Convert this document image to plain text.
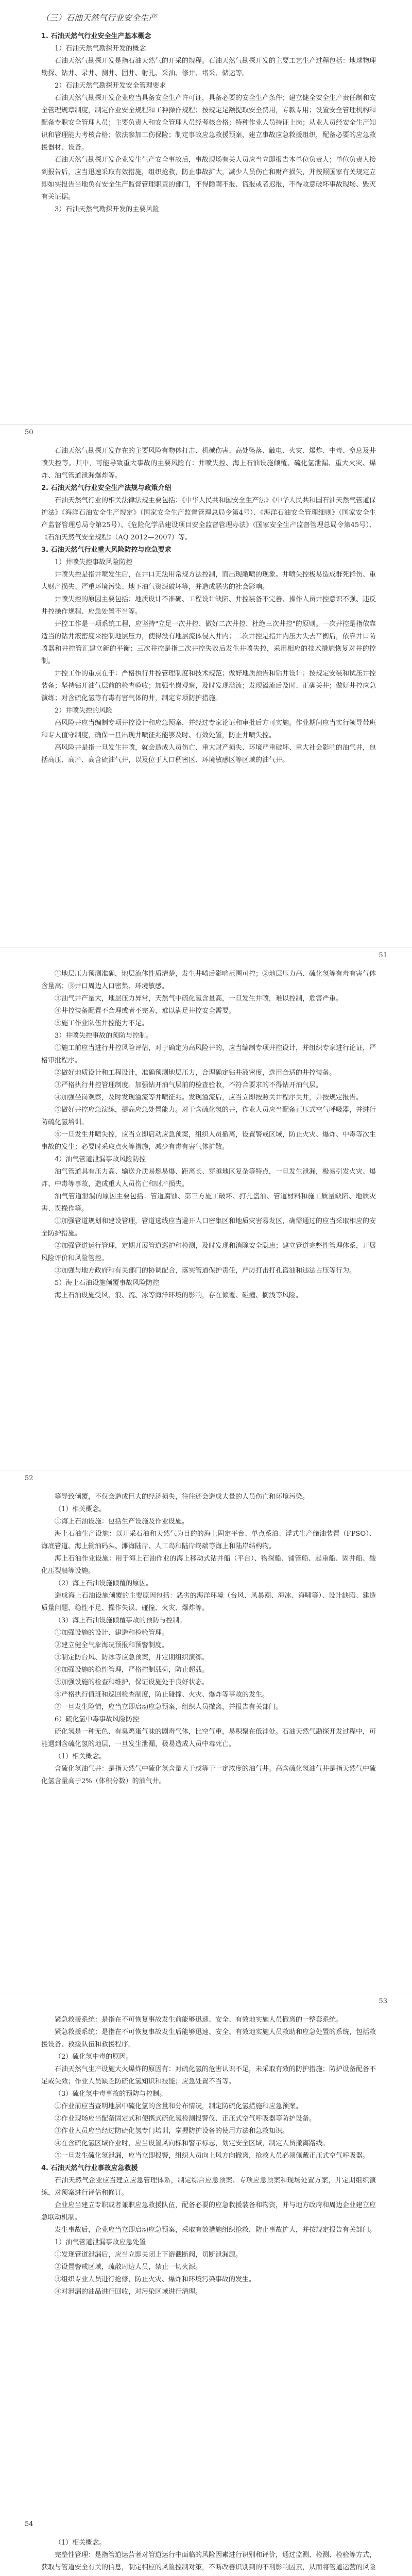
（三）石油天然气行业安全生产
1. 石油天然气行业安全生产基本概念
1）石油天然气勘探开发的概念

石油天然气勘探开发是指石油天然气的开采的规程。石油天然气勘探开发的主要工艺生产过程包括：地球物理勘探、钻井、录井、测井、固井、射孔、采油、修井、堵采、储运等。

2）石油天然气勘探开发安全管理要求

石油天然气勘探开发企业应当具备安全生产许可证，具备必要的安全生产条件；建立健全安全生产责任制和安全管理规章制度，制定作业安全规程和工种操作规程；按规定足额提取安全费用，专款专用；设置安全管理机构和配备专职安全管理人员；主要负责人和安全管理人员经考核合格；特种作业人员持证上岗；从业人员经安全生产知识和管理能力考核合格；依法参加工伤保险；制定事故应急救援预案，建立事故应急救援组织，配备必要的应急救援器材、设备。

石油天然气勘探开发企业发生生产安全事故后，事故现场有关人员应当立即报告本单位负责人；单位负责人接到报告后，应当迅速采取有效措施，组织抢救，防止事故扩大，减少人员伤亡和财产损失，并按照国家有关规定立即如实报告当地负有安全生产监督管理职责的部门，不得隐瞒不报、谎报或者迟报，不得故意破坏事故现场、毁灭有关证据。

3）石油天然气勘探开发的主要风险
50

石油天然气勘探开发存在的主要风险有物体打击、机械伤害、高处坠落、触电、火灾、爆炸、中毒、窒息及井喷失控等。其中，可能导致重大事故的主要风险有：井喷失控、海上石油设施倾覆、硫化氢泄漏、重大火灾、爆炸、油气管道泄漏爆炸等。

2. 石油天然气行业安全生产法规与政策介绍

石油天然气行业的相关法律法规主要包括：《中华人民共和国安全生产法》《中华人民共和国石油天然气管道保护法》《海洋石油安全生产规定》（国家安全生产监督管理总局令第4号）、《海洋石油安全管理细则》（国家安全生产监督管理总局令第25号）、《危险化学品建设项目安全监督管理办法》（国家安全生产监督管理总局令第45号）、《石油天然气安全规程》（AQ 2012—2007）等。

3. 石油天然气行业重大风险防控与应急要求
1）井喷失控事故风险防控

井喷失控是指井喷发生后，在井口无法用常规方法控制，而出现敞喷的现象。井喷失控极易造成群死群伤、重大财产损失、严重环境污染、地下油气资源破坏等，并造成恶劣的社会影响。

井喷失控的原因主要包括：地质设计不准确、工程设计缺陷、井控装备不完善、操作人员井控意识不强、违反井控操作规程、应急处置不当等。

井控工作是一项系统工程，应坚持"立足一次井控、做好二次井控、杜绝三次井控"的原则。一次井控是指依靠适当的钻井液密度来控制地层压力，使得没有地层流体侵入井内；二次井控是指井内压力失去平衡后，依靠井口防喷器和井控管汇建立新的平衡；三次井控是指二次井控失败后发生井喷失控，采用相应的技术措施恢复对井的控制。

井控工作的重点在于：严格执行井控管理制度和技术规范；做好地质预告和钻井设计；按规定安装和试压井控装备；坚持钻开油气层前的检查验收；加强坐岗观察，及时发现溢流；发现溢流后及时、正确关井；做好井控应急演练；对含硫化氢等有毒有害气体的井，制定专项防护措施。

2）井喷失控的风险

高风险井应当编制专项井控设计和应急预案，并经过专家论证和审批后方可实施。作业期间应当实行领导带班和专人值守制度，确保一旦出现井喷征兆能够及时、有效处置，防止井喷失控。

高风险井是指一旦发生井喷，就会造成人员伤亡、重大财产损失、环境严重破坏、重大社会影响的油气井，包括高压、高产、高含硫油气井，以及位于人口稠密区、环境敏感区等区域的油气井。

51

①地层压力预测准确，地层流体性质清楚，发生井喷后影响范围可控；②地层压力高、硫化氢等有毒有害气体含量高；③井口周边人口密集、环境敏感。

③油气井产量大，地层压力异常，天然气中硫化氢含量高，一旦发生井喷，难以控制，危害严重。

④井控装备配置不合理或者不完善，难以满足井控安全需要。

⑤施工作业队伍井控能力不足。

3）井喷失控事故的预防与控制。

①施工前应当进行井控风险评估，对于确定为高风险井的，应当编制专项井控设计，并组织专家进行论证，严格审批程序。

②做好地质设计和工程设计，准确预测地层压力，合理确定钻井液密度，选用合适的井控装备。

③严格执行井控管理制度。加强钻开油气层前的检查验收，不符合要求的不得钻开油气层。

④加强坐岗观察，及时发现溢流等井喷征兆。发现溢流后，应当立即按照关井程序关井，并按规定报告。

⑤做好井控应急演练，提高应急处置能力。对于含硫化氢的井，作业人员应当配备正压式空气呼吸器，并进行防硫化氢培训。

⑥一旦发生井喷失控，应当立即启动应急预案，组织人员撤离，设置警戒区域，防止火灾、爆炸、中毒等次生事故的发生；必要时采取点火等措施，减少有毒有害气体扩散。

4）油气管道泄漏事故风险防控

油气管道具有压力高、输送介质易燃易爆、距离长、穿越地区复杂等特点，一旦发生泄漏，极易引发火灾、爆炸、中毒等事故，造成重大人员伤亡和财产损失。

油气管道泄漏的原因主要包括：管道腐蚀、第三方施工破坏、打孔盗油、管道材料和施工质量缺陷、地质灾害、误操作等。

①加强管道规划和建设管理，管道选线应当避开人口密集区和地质灾害易发区，确需通过的应当采取相应的安全防护措施。

②加强管道运行管理，定期开展管道巡护和检测，及时发现和消除安全隐患；建立管道完整性管理体系，开展风险评价和风险管控。

③加强与地方政府和有关部门的协调配合，落实管道保护责任，严厉打击打孔盗油和违法占压等行为。

5）海上石油设施倾覆事故风险防控

海上石油设施受风、浪、流、冰等海洋环境的影响，存在倾覆、碰撞、搁浅等风险。

52

等导致倾覆，不仅会造成巨大的经济损失，往往还会造成大量的人员伤亡和环境污染。

（1）相关概念。

①海上石油设施：包括生产设施及作业设施。

海上石油生产设施：以开采石油和天然气为目的的海上固定平台、单点系泊、浮式生产储油装置（FPSO）、海底管道、海上输油码头、滩海陆岸、人工岛和陆岸终端等海上和陆岸结构物。

海上石油作业设施：用于海上石油作业的海上移动式钻井船（平台）、物探船、铺管船、起重船、固井船、酸化压裂船等设施。

（2）海上石油设施倾覆的原因。

造成海上石油设施倾覆的主要原因包括：恶劣的海洋环境（台风、风暴潮、海冰、海啸等）、设计缺陷、建造质量问题、稳性不足、操作失误、碰撞、火灾、爆炸等。

（3）海上石油设施倾覆事故的预防与控制。

①加强设施的设计、建造和检验管理。

②建立健全气象海况预报和预警制度。

③制定防台风、防冰等应急预案，并定期组织演练。

④加强设施的稳性管理，严格控制载荷，防止超载。

⑤加强设施的检查和维护，保证设施处于良好状态。

⑥严格执行值班和巡回检查制度，防止碰撞、火灾、爆炸等事故的发生。

⑦一旦发生险情，应当立即启动应急预案，组织人员撤离，并报告有关部门。

6）硫化氢中毒事故风险防控

硫化氢是一种无色、有臭鸡蛋气味的剧毒气体，比空气重，易积聚在低洼处。石油天然气勘探开发过程中，可能遇到含硫化氢的地层，一旦发生泄漏，极易造成人员中毒死亡。

（1）相关概念。

含硫化氢油气井：是指天然气中硫化氢含量大于或等于一定浓度的油气井。高含硫化氢油气井是指天然气中硫化氢含量高于2%（体积分数）的油气井。

53

紧急救援系统：是指在不可恢复事故发生前能够迅速、安全、有效地实施人员撤离的一整套系统。

紧急救援系统：是指在不可恢复事故发生后能够迅速、安全、有效地实施人员救助和应急处置的系统，包括救援设备、救援队伍和救援程序。

（2）硫化氢中毒的原因。

石油天然气生产设施大火爆炸的原因有：对硫化氢的危害认识不足，未采取有效的防护措施；防护设备配备不足或失效；作业人员缺乏防硫化氢知识和技能；应急处置不当等。

（3）硫化氢中毒事故的预防与控制。

①作业前应当查明地层中硫化氢的含量和分布情况，制定防硫化氢措施和应急预案。

②作业现场应当配备固定式和便携式硫化氢检测报警仪、正压式空气呼吸器等防护设备。

③作业人员应当经过防硫化氢专门培训，掌握防护设备的使用方法和急救知识。

④在含硫化氢区域作业时，应当设置风向标和警示标志，划定安全区域，制定人员撤离路线。

⑤一旦发生硫化氢泄漏，应当立即报警，组织人员向上风方向撤离，抢救人员必须佩戴正压式空气呼吸器。

4. 石油天然气行业事故应急救援

石油天然气企业应当建立应急管理体系，制定综合应急预案、专项应急预案和现场处置方案，并定期组织演练，对预案进行评估和修订。

企业应当建立专职或者兼职应急救援队伍，配备必要的应急救援装备和物资，并与地方政府和周边企业建立应急联动机制。

发生事故后，企业应当立即启动应急预案，采取有效措施组织抢救，防止事故扩大，并按规定报告有关部门。

1）油气管道泄漏事故应急处置

①发现管道泄漏后，应当立即关闭上下游截断阀，切断泄漏源。

②设置警戒区域，疏散周边人员，禁止一切火源。

③组织专业人员进行抢修，防止火灾、爆炸和环境污染事故的发生。

④对泄漏的油品进行回收，对污染区域进行清理。

54
（1）相关概念。

完整性管理：是指管道运营者对管道运行中面临的风险因素进行识别和评价，通过监测、检测、检验等方式，获取与管道安全有关的信息，制定相应的风险控制对策，不断改善识别到的不利影响因素，从而将管道运营的风险
